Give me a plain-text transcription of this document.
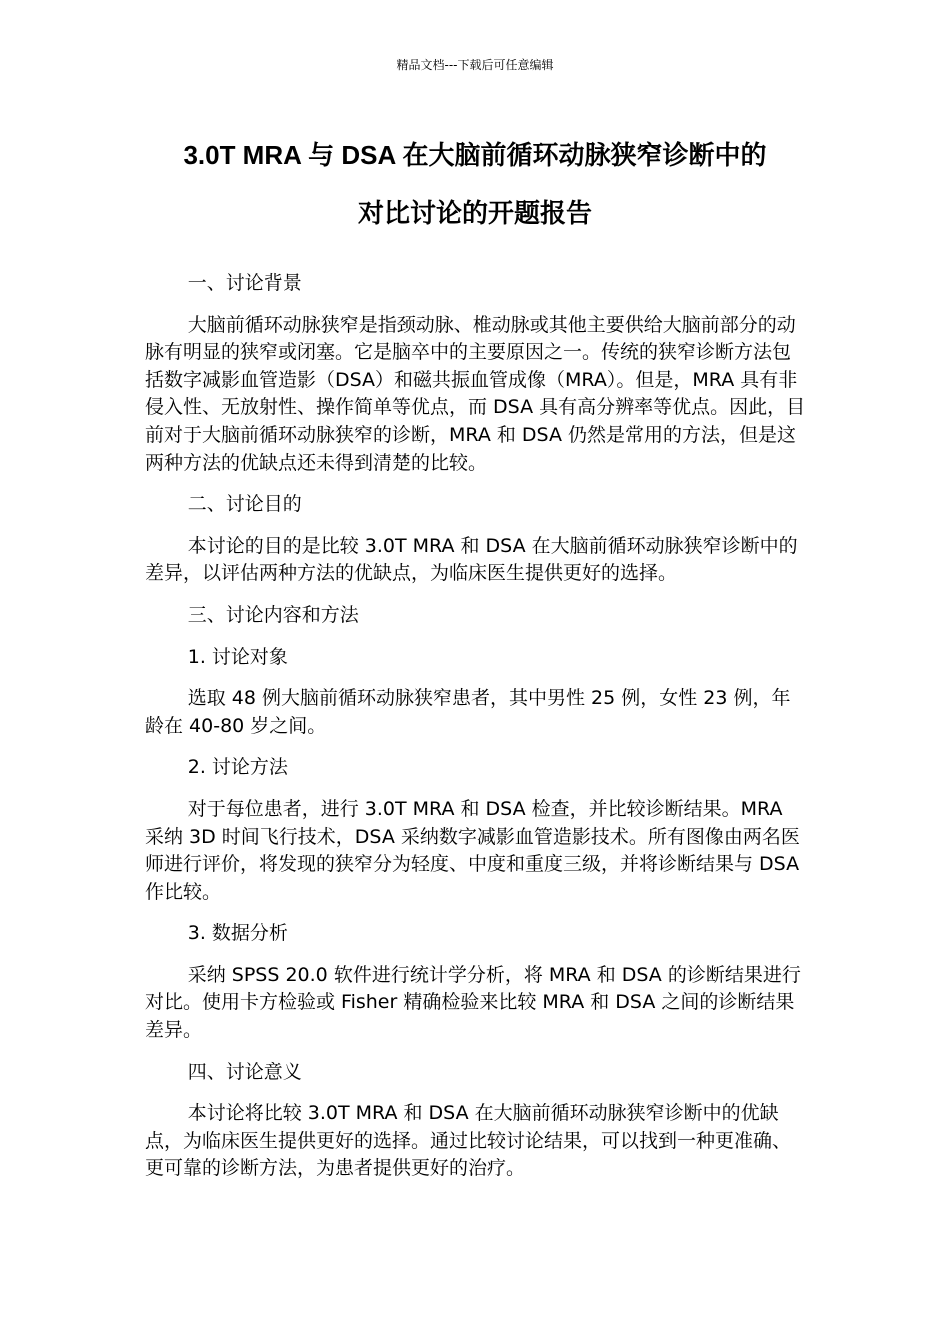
精品文档---下载后可任意编辑
3.0T MRA 与 DSA 在大脑前循环动脉狭窄诊断中的
对比讨论的开题报告

一、讨论背景

大脑前循环动脉狭窄是指颈动脉、椎动脉或其他主要供给大脑前部分的动脉有明显的狭窄或闭塞。它是脑卒中的主要原因之一。传统的狭窄诊断方法包括数字减影血管造影（DSA）和磁共振血管成像（MRA）。但是，MRA 具有非侵入性、无放射性、操作简单等优点，而 DSA 具有高分辨率等优点。因此，目前对于大脑前循环动脉狭窄的诊断，MRA 和 DSA 仍然是常用的方法，但是这两种方法的优缺点还未得到清楚的比较。

二、讨论目的

本讨论的目的是比较 3.0T MRA 和 DSA 在大脑前循环动脉狭窄诊断中的差异，以评估两种方法的优缺点，为临床医生提供更好的选择。

三、讨论内容和方法

1. 讨论对象

选取 48 例大脑前循环动脉狭窄患者，其中男性 25 例，女性 23 例，年龄在 40-80 岁之间。

2. 讨论方法

对于每位患者，进行 3.0T MRA 和 DSA 检查，并比较诊断结果。MRA 采纳 3D 时间飞行技术，DSA 采纳数字减影血管造影技术。所有图像由两名医师进行评价，将发现的狭窄分为轻度、中度和重度三级，并将诊断结果与 DSA 作比较。

3. 数据分析

采纳 SPSS 20.0 软件进行统计学分析，将 MRA 和 DSA 的诊断结果进行对比。使用卡方检验或 Fisher 精确检验来比较 MRA 和 DSA 之间的诊断结果差异。

四、讨论意义

本讨论将比较 3.0T MRA 和 DSA 在大脑前循环动脉狭窄诊断中的优缺点，为临床医生提供更好的选择。通过比较讨论结果，可以找到一种更准确、更可靠的诊断方法，为患者提供更好的治疗。
